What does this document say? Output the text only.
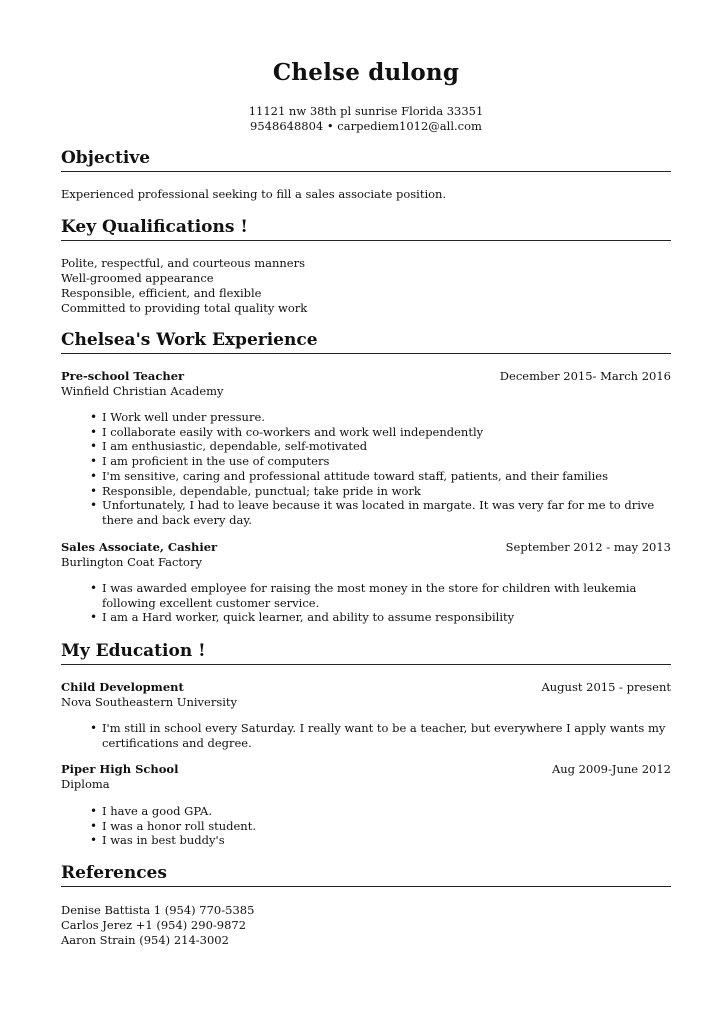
Chelse dulong
11121 nw 38th pl sunrise Florida 33351
9548648804 • carpediem1012@all.com
Objective
Experienced professional seeking to fill a sales associate position.
Key Qualifications !
Polite, respectful, and courteous manners
Well-groomed appearance
Responsible, efficient, and flexible
Committed to providing total quality work
Chelsea's Work Experience
Pre-school Teacher	December 2015- March 2016
Winfield Christian Academy
• I Work well under pressure.
• I collaborate easily with co-workers and work well independently
• I am enthusiastic, dependable, self-motivated
• I am proficient in the use of computers
• I'm sensitive, caring and professional attitude toward staff, patients, and their families
• Responsible, dependable, punctual; take pride in work
• Unfortunately, I had to leave because it was located in margate. It was very far for me to drive there and back every day.
Sales Associate, Cashier	September 2012 - may 2013
Burlington Coat Factory
• I was awarded employee for raising the most money in the store for children with leukemia following excellent customer service.
• I am a Hard worker, quick learner, and ability to assume responsibility
My Education !
Child Development	August 2015 - present
Nova Southeastern University
• I'm still in school every Saturday. I really want to be a teacher, but everywhere I apply wants my certifications and degree.
Piper High School	Aug 2009-June 2012
Diploma
• I have a good GPA.
• I was a honor roll student.
• I was in best buddy's
References
Denise Battista 1 (954) 770-5385
Carlos Jerez +1 (954) 290-9872
Aaron Strain (954) 214-3002
